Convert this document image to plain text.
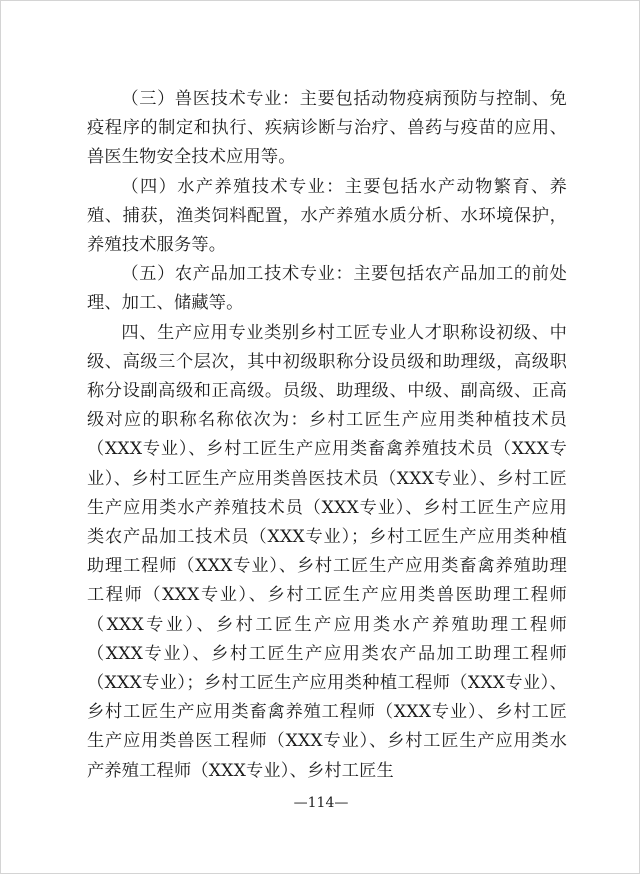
（三）兽医技术专业：主要包括动物疫病预防与控制、免疫程序的制定和执行、疾病诊断与治疗、兽药与疫苗的应用、兽医生物安全技术应用等。

（四）水产养殖技术专业：主要包括水产动物繁育、养殖、捕获，渔类饲料配置，水产养殖水质分析、水环境保护，养殖技术服务等。

（五）农产品加工技术专业：主要包括农产品加工的前处理、加工、储藏等。

四、生产应用专业类别乡村工匠专业人才职称设初级、中级、高级三个层次，其中初级职称分设员级和助理级，高级职称分设副高级和正高级。员级、助理级、中级、副高级、正高级对应的职称名称依次为：乡村工匠生产应用类种植技术员（XXX专业）、乡村工匠生产应用类畜禽养殖技术员（XXX专业）、乡村工匠生产应用类兽医技术员（XXX专业）、乡村工匠生产应用类水产养殖技术员（XXX专业）、乡村工匠生产应用类农产品加工技术员（XXX专业）；乡村工匠生产应用类种植助理工程师（XXX专业）、乡村工匠生产应用类畜禽养殖助理工程师（XXX专业）、乡村工匠生产应用类兽医助理工程师（XXX专业）、乡村工匠生产应用类水产养殖助理工程师（XXX专业）、乡村工匠生产应用类农产品加工助理工程师（XXX专业）；乡村工匠生产应用类种植工程师（XXX专业）、乡村工匠生产应用类畜禽养殖工程师（XXX专业）、乡村工匠生产应用类兽医工程师（XXX专业）、乡村工匠生产应用类水产养殖工程师（XXX专业）、乡村工匠生

—114—
